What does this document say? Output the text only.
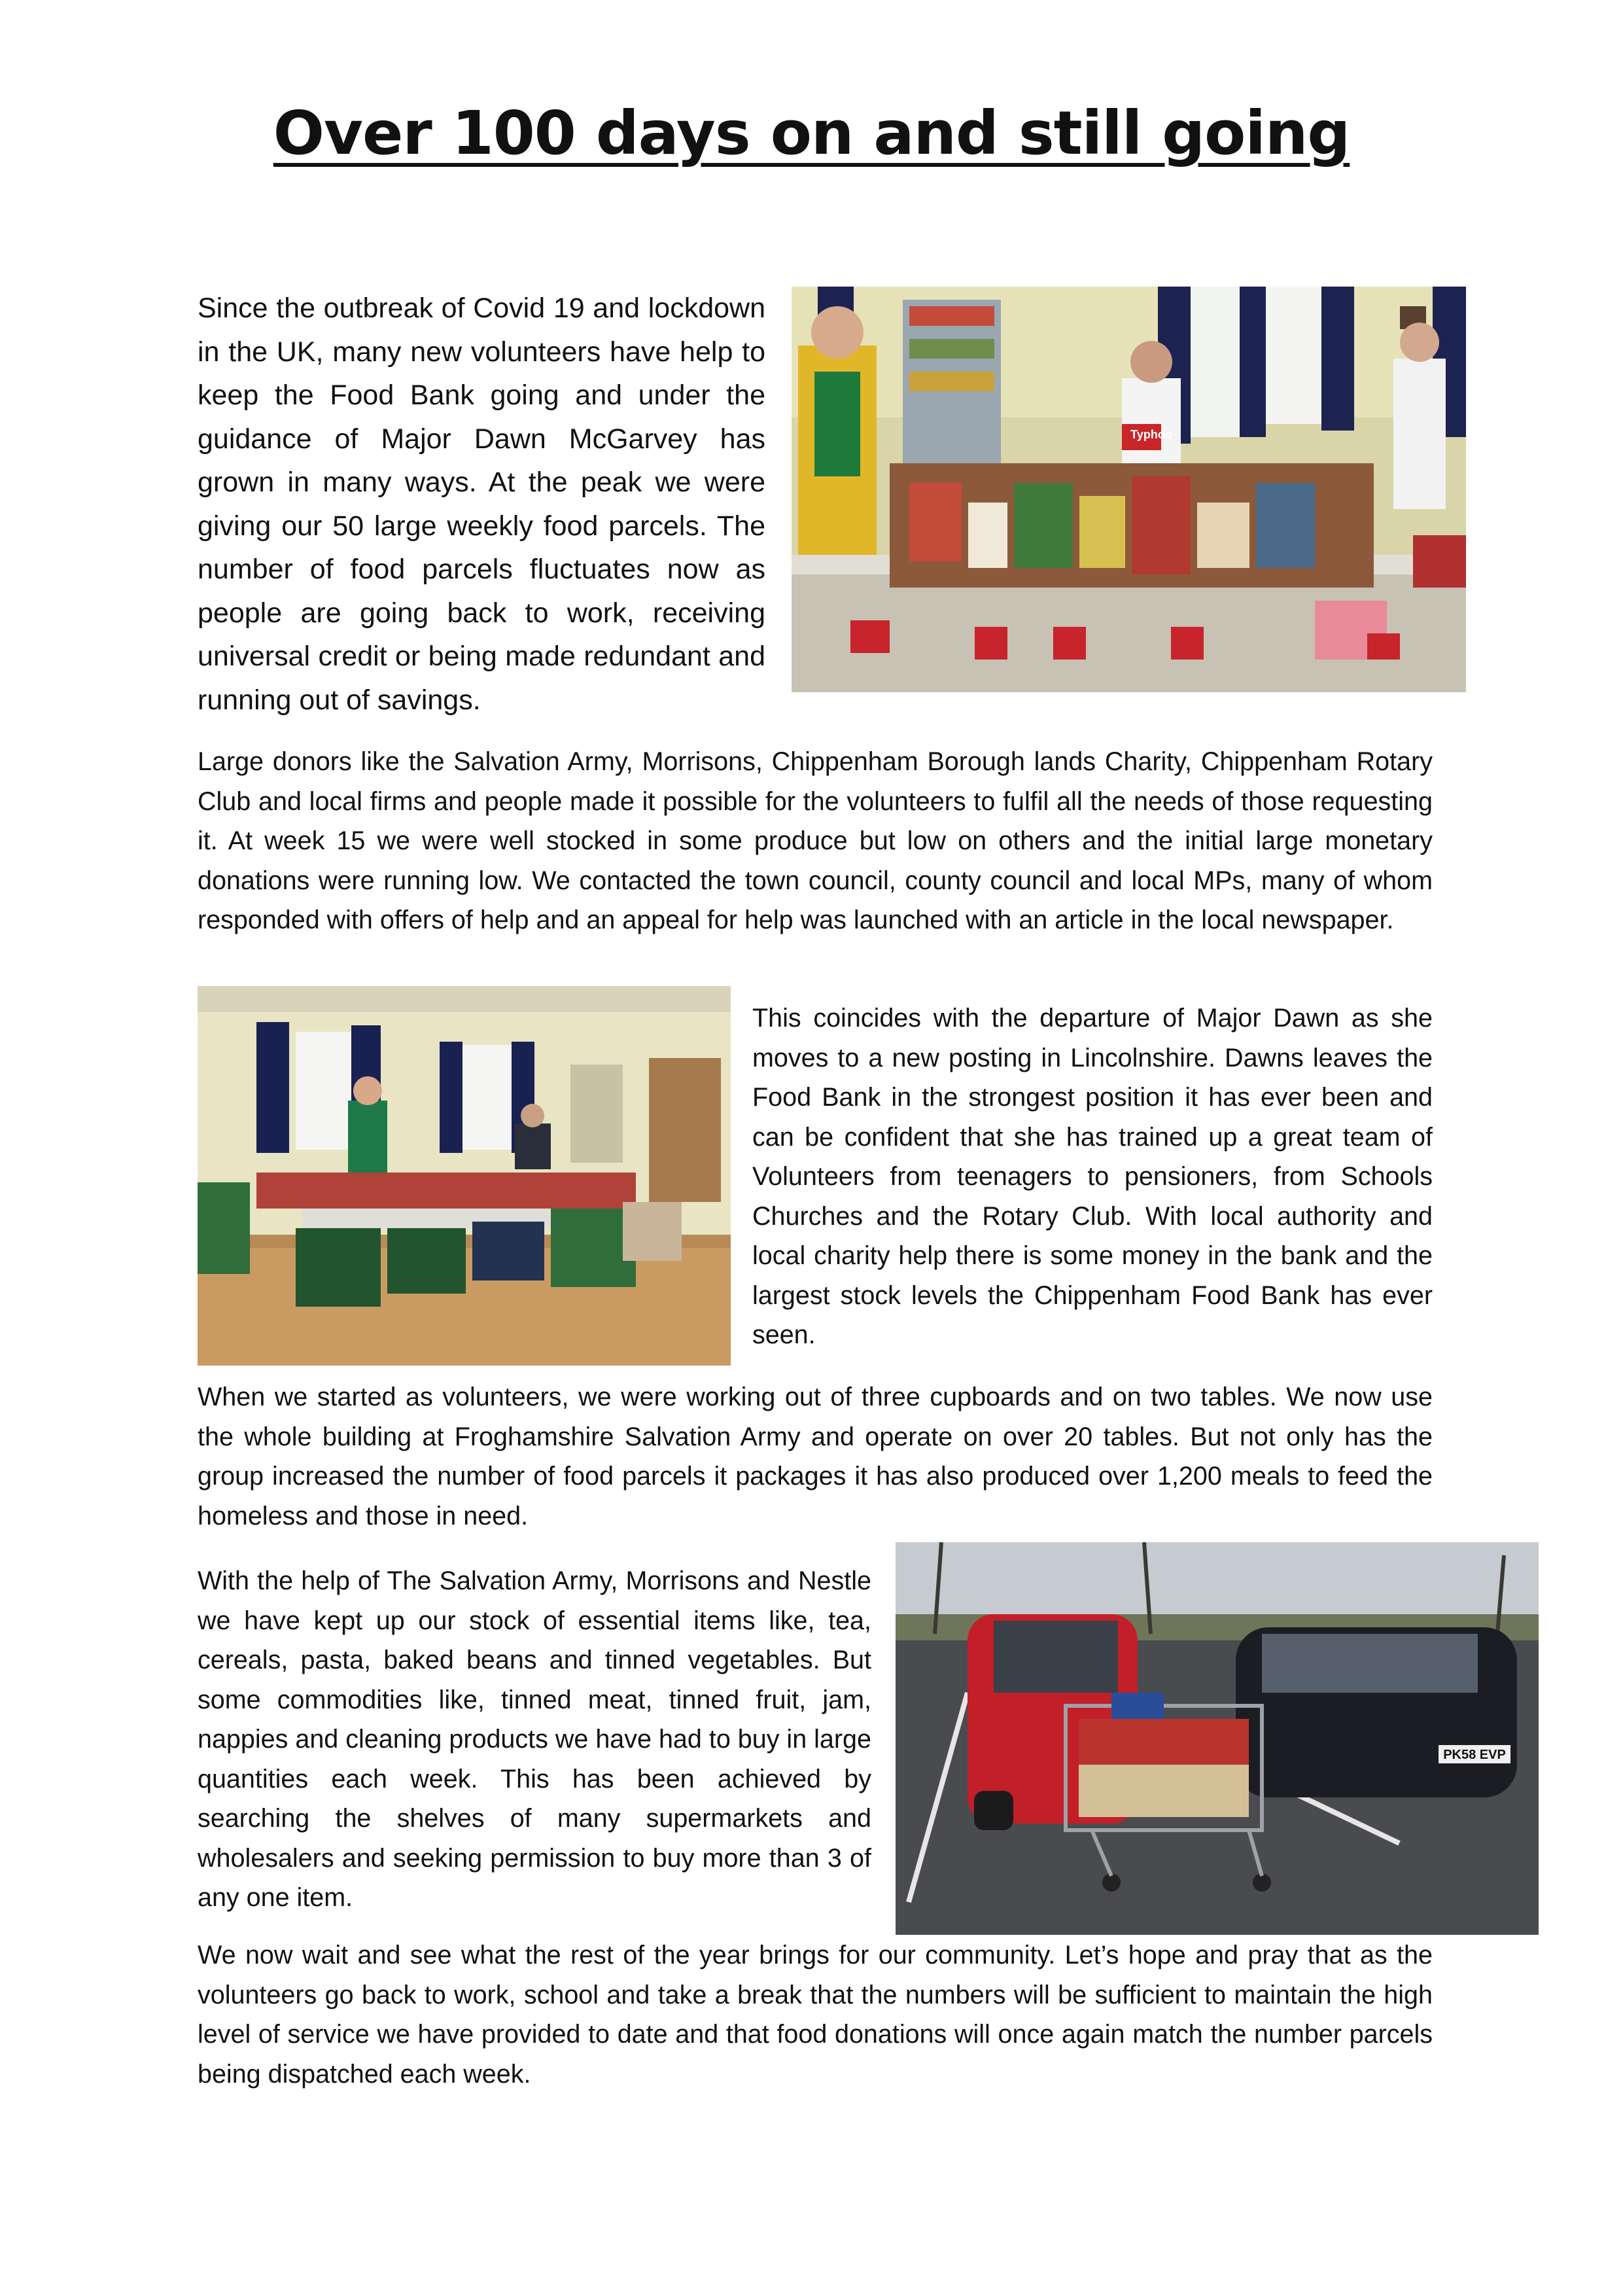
Over 100 days on and still going

Since the outbreak of Covid 19 and lockdown in the UK, many new volunteers have help to keep the Food Bank going and under the guidance of Major Dawn McGarvey has grown in many ways. At the peak we were giving our 50 large weekly food parcels. The number of food parcels fluctuates now as people are going back to work, receiving universal credit or being made redundant and running out of savings.

Typhoo

Large donors like the Salvation Army, Morrisons, Chippenham Borough lands Charity, Chippenham Rotary Club and local firms and people made it possible for the volunteers to fulfil all the needs of those requesting it. At week 15 we were well stocked in some produce but low on others and the initial large monetary donations were running low. We contacted the town council, county council and local MPs, many of whom responded with offers of help and an appeal for help was launched with an article in the local newspaper.

This coincides with the departure of Major Dawn as she moves to a new posting in Lincolnshire. Dawns leaves the Food Bank in the strongest position it has ever been and can be confident that she has trained up a great team of Volunteers from teenagers to pensioners, from Schools Churches and the Rotary Club. With local authority and local charity help there is some money in the bank and the largest stock levels the Chippenham Food Bank has ever seen.

When we started as volunteers, we were working out of three cupboards and on two tables. We now use the whole building at Froghamshire Salvation Army and operate on over 20 tables. But not only has the group increased the number of food parcels it packages it has also produced over 1,200 meals to feed the homeless and those in need.

With the help of The Salvation Army, Morrisons and Nestle we have kept up our stock of essential items like, tea, cereals, pasta, baked beans and tinned vegetables. But some commodities like, tinned meat, tinned fruit, jam, nappies and cleaning products we have had to buy in large quantities each week. This has been achieved by searching the shelves of many supermarkets and wholesalers and seeking permission to buy more than 3 of any one item.

PK58 EVP

We now wait and see what the rest of the year brings for our community. Let’s hope and pray that as the volunteers go back to work, school and take a break that the numbers will be sufficient to maintain the high level of service we have provided to date and that food donations will once again match the number parcels being dispatched each week.
